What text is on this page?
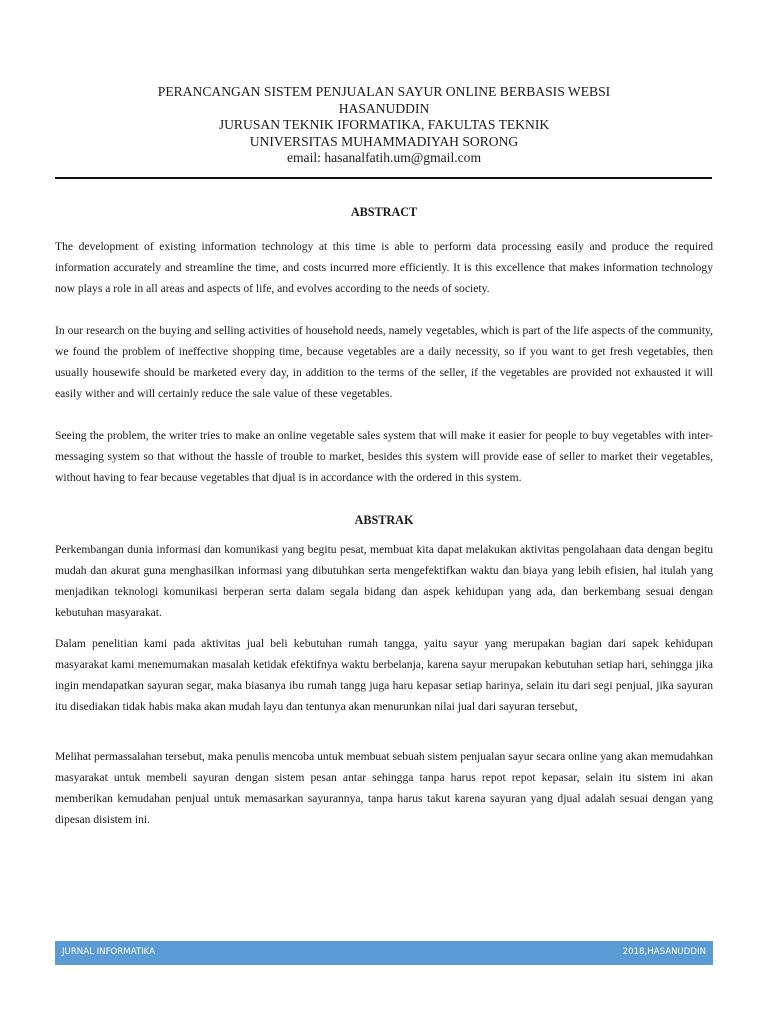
PERANCANGAN SISTEM PENJUALAN SAYUR ONLINE BERBASIS WEBSI
HASANUDDIN
JURUSAN TEKNIK IFORMATIKA, FAKULTAS TEKNIK
UNIVERSITAS MUHAMMADIYAH SORONG
email: hasanalfatih.um@gmail.com
ABSTRACT

The development of existing information technology at this time is able to perform data processing easily and produce the required information accurately and streamline the time, and costs incurred more efficiently. It is this excellence that makes information technology now plays a role in all areas and aspects of life, and evolves according to the needs of society.

In our research on the buying and selling activities of household needs, namely vegetables, which is part of the life aspects of the community, we found the problem of ineffective shopping time, because vegetables are a daily necessity, so if you want to get fresh vegetables, then usually housewife should be marketed every day, in addition to the terms of the seller, if the vegetables are provided not exhausted it will easily wither and will certainly reduce the sale value of these vegetables.

Seeing the problem, the writer tries to make an online vegetable sales system that will make it easier for people to buy vegetables with inter-messaging system so that without the hassle of trouble to market, besides this system will provide ease of seller to market their vegetables, without having to fear because vegetables that djual is in accordance with the ordered in this system.

ABSTRAK

Perkembangan dunia informasi dan komunikasi yang begitu pesat, membuat kita dapat melakukan aktivitas pengolahaan data dengan begitu mudah dan akurat guna menghasilkan informasi yang dibutuhkan serta mengefektifkan waktu dan biaya yang lebih efisien, hal itulah yang menjadikan teknologi komunikasi berperan serta dalam segala bidang dan aspek kehidupan yang ada, dan berkembang sesuai dengan kebutuhan masyarakat.

Dalam penelitian kami pada aktivitas jual beli kebutuhan rumah tangga, yaitu sayur yang merupakan bagian dari sapek kehidupan masyarakat kami menemumakan masalah ketidak efektifnya waktu berbelanja, karena sayur merupakan kebutuhan setiap hari, sehingga jika ingin mendapatkan sayuran segar, maka biasanya ibu rumah tangg juga haru kepasar setiap harinya, selain itu dari segi penjual, jika sayuran itu disediakan tidak habis maka akan mudah layu dan tentunya akan menurunkan nilai jual dari sayuran tersebut,

Melihat permassalahan tersebut, maka penulis mencoba untuk membuat sebuah sistem penjualan sayur secara online yang akan memudahkan masyarakat untuk membeli sayuran dengan sistem pesan antar sehingga tanpa harus repot repot kepasar, selain itu sistem ini akan memberikan kemudahan penjual untuk memasarkan sayurannya, tanpa harus takut karena sayuran yang djual adalah sesuai dengan yang dipesan disistem ini.

JURNAL INFORMATIKA	2018,HASANUDDIN
